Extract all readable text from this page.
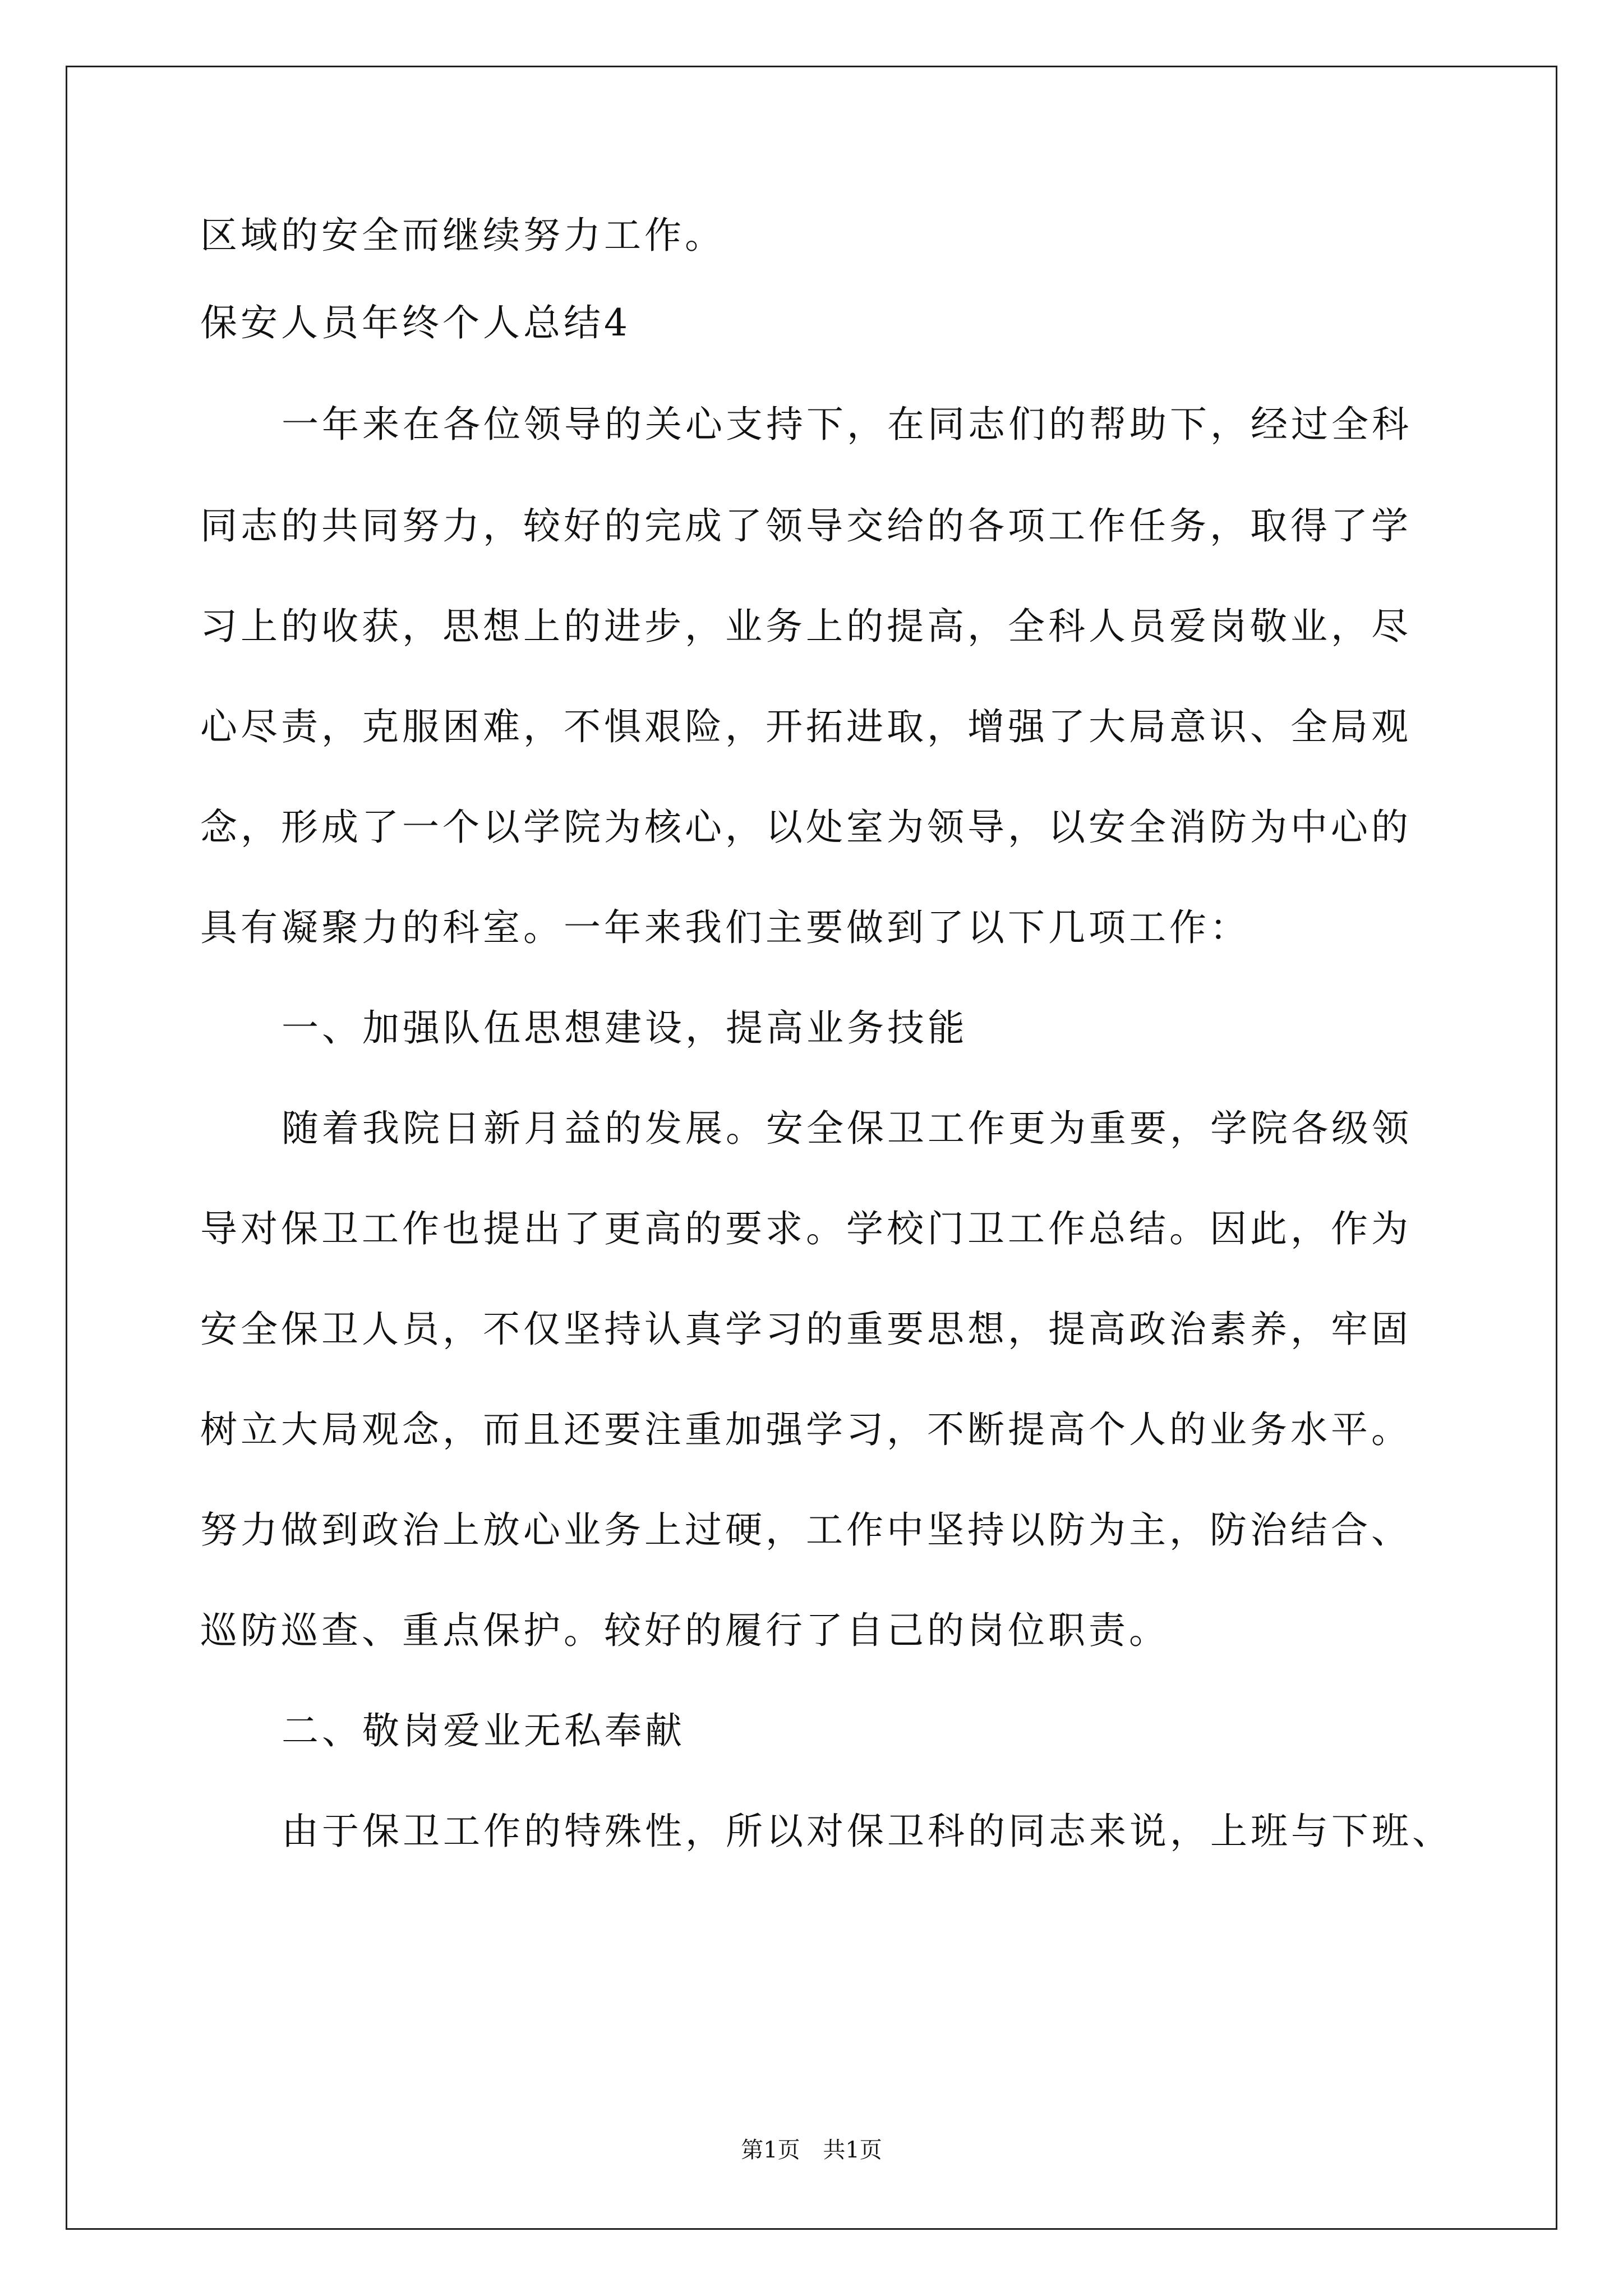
区域的安全而继续努力工作。
保安人员年终个人总结4
一年来在各位领导的关心支持下，在同志们的帮助下，经过全科
同志的共同努力，较好的完成了领导交给的各项工作任务，取得了学
习上的收获，思想上的进步，业务上的提高，全科人员爱岗敬业，尽
心尽责，克服困难，不惧艰险，开拓进取，增强了大局意识、全局观
念，形成了一个以学院为核心，以处室为领导，以安全消防为中心的
具有凝聚力的科室。一年来我们主要做到了以下几项工作：
一、加强队伍思想建设，提高业务技能
随着我院日新月益的发展。安全保卫工作更为重要，学院各级领
导对保卫工作也提出了更高的要求。学校门卫工作总结。因此，作为
安全保卫人员，不仅坚持认真学习的重要思想，提高政治素养，牢固
树立大局观念，而且还要注重加强学习，不断提高个人的业务水平。
努力做到政治上放心业务上过硬，工作中坚持以防为主，防治结合、
巡防巡查、重点保护。较好的履行了自己的岗位职责。
二、敬岗爱业无私奉献
由于保卫工作的特殊性，所以对保卫科的同志来说，上班与下班、
第1页 共1页
